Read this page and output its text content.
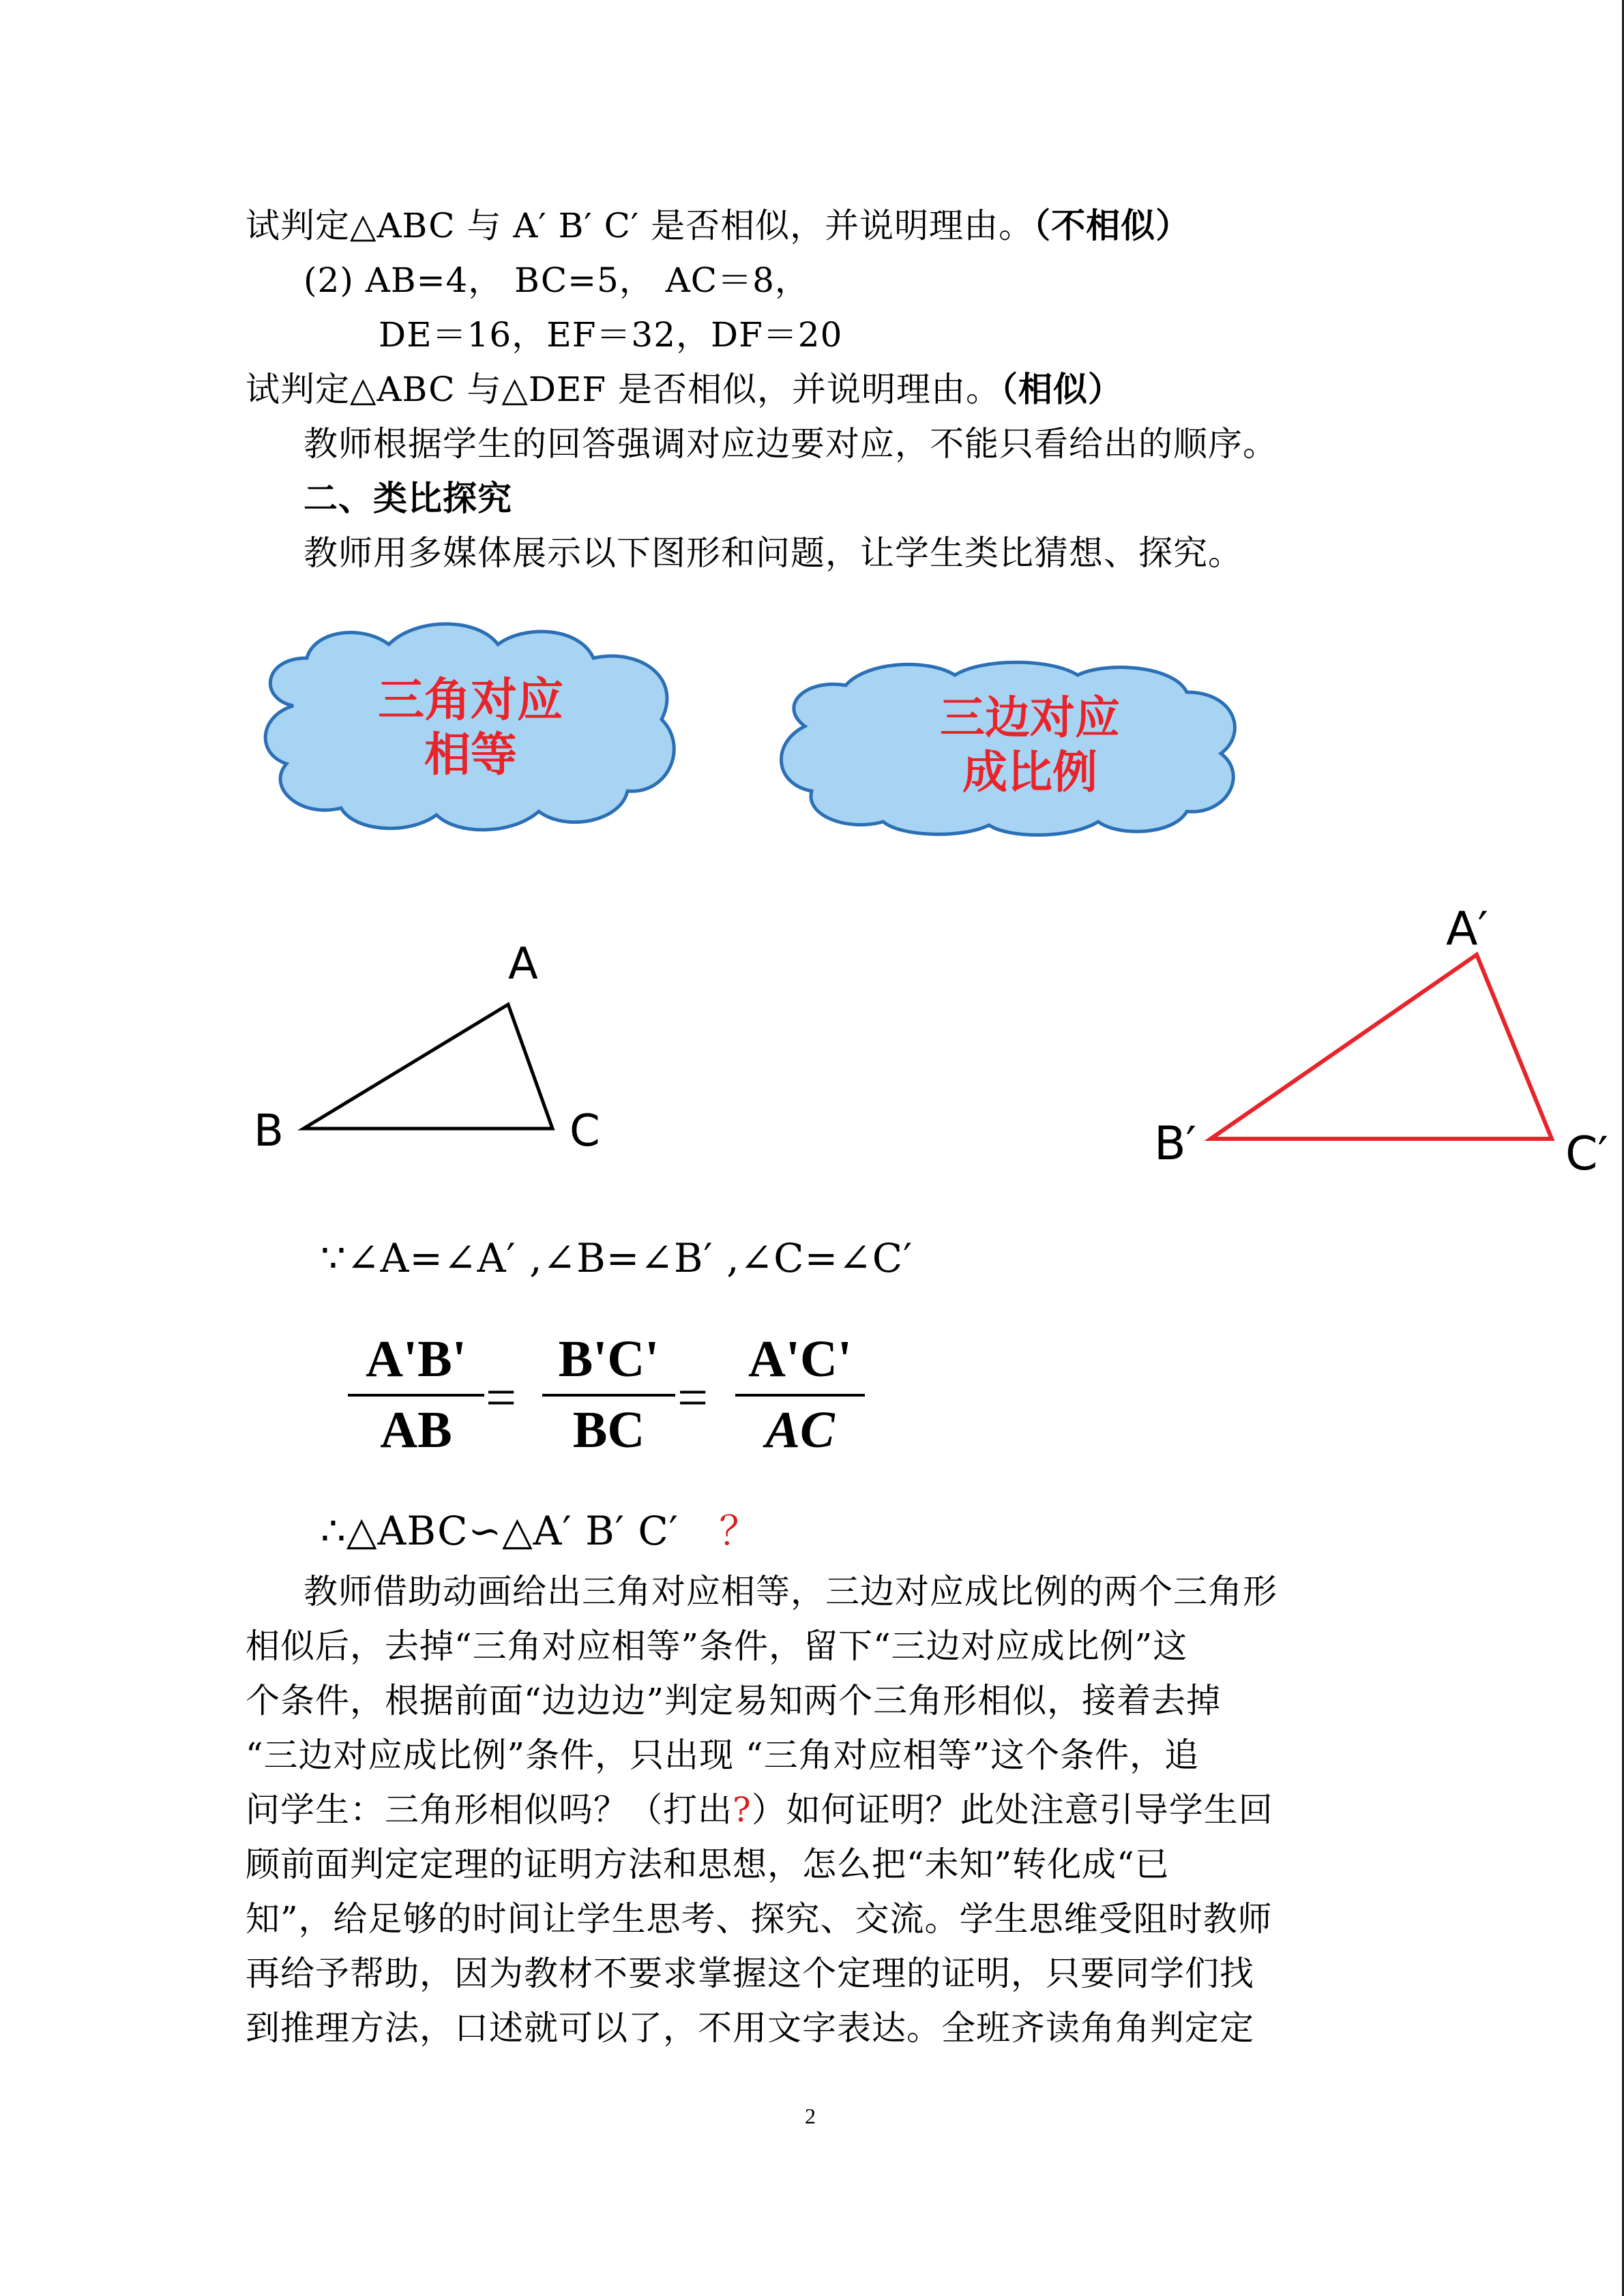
试判定△ABC 与 A′ B′ C′ 是否相似，并说明理由。（不相似）
(2) AB=4， BC=5， AC＝8，
DE＝16，EF＝32，DF＝20
试判定△ABC 与△DEF 是否相似，并说明理由。（相似）
教师根据学生的回答强调对应边要对应，不能只看给出的顺序。
二、类比探究
教师用多媒体展示以下图形和问题，让学生类比猜想、探究。
三角对应
相等
三边对应
成比例
A
B	C
A′
B′	C′
∵∠A=∠A′ ,∠B=∠B′ ,∠C=∠C′
A'B'
AB
=
B'C'
BC
=
A'C'
AC
∴△ABC∽△A′ B′ C′ ？
教师借助动画给出三角对应相等，三边对应成比例的两个三角形
相似后，去掉“三角对应相等”条件，留下“三边对应成比例”这
个条件，根据前面“边边边”判定易知两个三角形相似，接着去掉
“三边对应成比例”条件，只出现 “三角对应相等”这个条件，追
问学生：三角形相似吗？（打出?）如何证明？此处注意引导学生回
顾前面判定定理的证明方法和思想，怎么把“未知”转化成“已
知”，给足够的时间让学生思考、探究、交流。学生思维受阻时教师
再给予帮助，因为教材不要求掌握这个定理的证明，只要同学们找
到推理方法，口述就可以了，不用文字表达。全班齐读角角判定定
2
